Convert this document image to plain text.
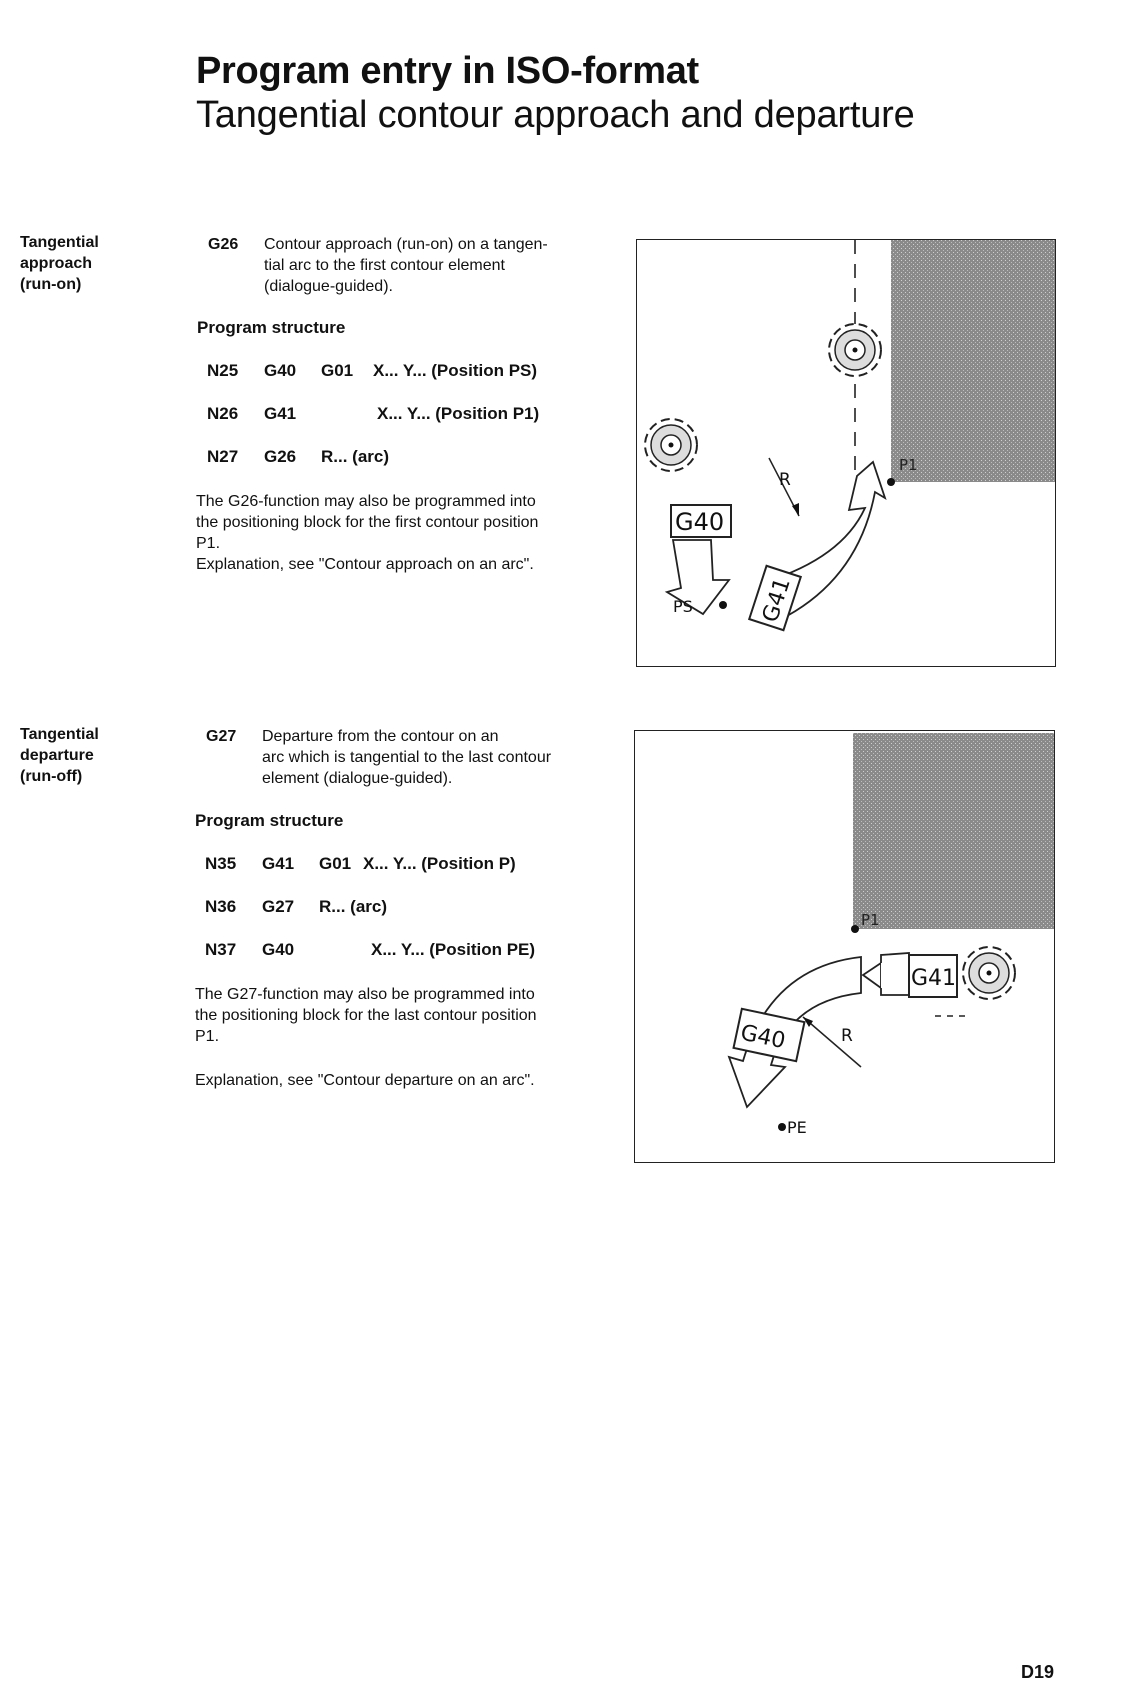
Program entry in ISO-format
Tangential contour approach and departure
Tangential
approach
(run-on)
G26 Contour approach (run-on) on a tangen-
tial arc to the first contour element
(dialogue-guided).
Program structure
N25 G40 G01 X... Y... (Position PS)
N26 G41	X... Y... (Position P1)
N27 G26 R... (arc)
The G26-function may also be programmed into
the positioning block for the first contour position
P1.
Explanation, see "Contour approach on an arc".
P1
G40
G41
R
PS
Tangential
departure
(run-off)
G27 Departure from the contour on an
arc which is tangential to the last contour
element (dialogue-guided).
Program structure
N35 G41 G01 X... Y... (Position P)
N36 G27 R... (arc)
N37 G40	X... Y... (Position PE)
The G27-function may also be programmed into
the positioning block for the last contour position
P1.
Explanation, see "Contour departure on an arc".
P1
G41
G40	R
PE
D19
